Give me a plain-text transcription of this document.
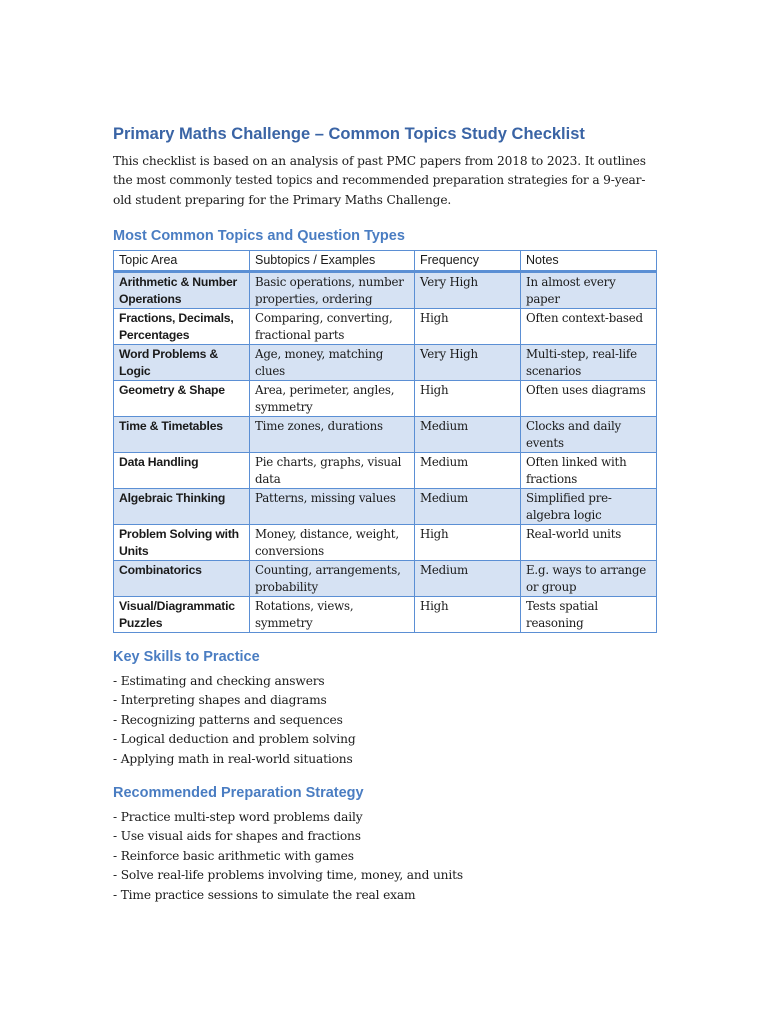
Primary Maths Challenge – Common Topics Study Checklist

This checklist is based on an analysis of past PMC papers from 2018 to 2023. It outlines the most commonly tested topics and recommended preparation strategies for a 9-year-old student preparing for the Primary Maths Challenge.

Most Common Topics and Question Types
Topic Area	Subtopics / Examples	Frequency	Notes
Arithmetic & Number Operations	Basic operations, number properties, ordering	Very High	In almost every paper
Fractions, Decimals, Percentages	Comparing, converting, fractional parts	High	Often context-based
Word Problems & Logic	Age, money, matching clues	Very High	Multi-step, real-life scenarios
Geometry & Shape	Area, perimeter, angles, symmetry	High	Often uses diagrams
Time & Timetables	Time zones, durations	Medium	Clocks and daily events
Data Handling	Pie charts, graphs, visual data	Medium	Often linked with fractions
Algebraic Thinking	Patterns, missing values	Medium	Simplified pre-algebra logic
Problem Solving with Units	Money, distance, weight, conversions	High	Real-world units
Combinatorics	Counting, arrangements, probability	Medium	E.g. ways to arrange or group
Visual/Diagrammatic Puzzles	Rotations, views, symmetry	High	Tests spatial reasoning
Key Skills to Practice
- Estimating and checking answers
- Interpreting shapes and diagrams
- Recognizing patterns and sequences
- Logical deduction and problem solving
- Applying math in real-world situations
Recommended Preparation Strategy
- Practice multi-step word problems daily
- Use visual aids for shapes and fractions
- Reinforce basic arithmetic with games
- Solve real-life problems involving time, money, and units
- Time practice sessions to simulate the real exam
